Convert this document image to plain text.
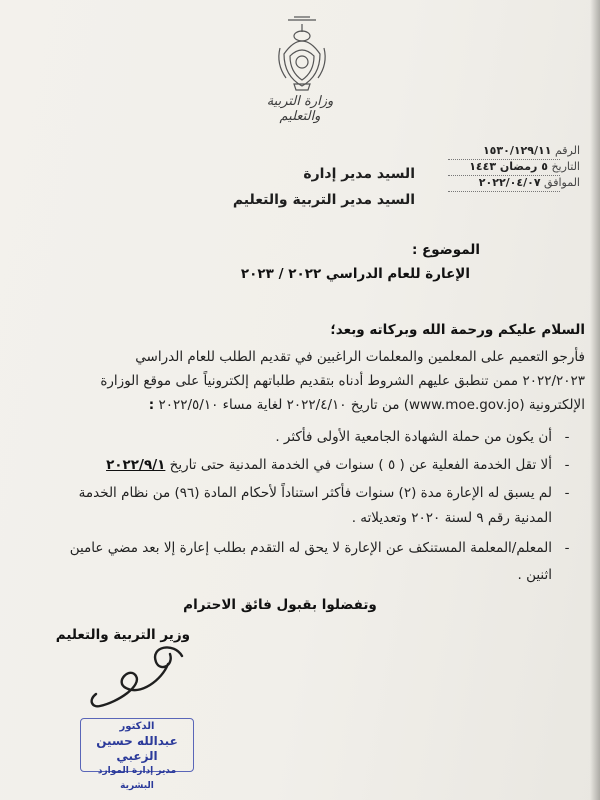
وزارة التربية والتعليم
الرقم ١٥٣٠/١٢٩/١١
التاريخ ٥ رمضان ١٤٤٣
الموافق ٢٠٢٢/٠٤/٠٧
السيد مدير إدارة
السيد مدير التربية والتعليم
الموضوع :
الإعارة للعام الدراسي ٢٠٢٢ / ٢٠٢٣
السلام عليكم ورحمة الله وبركاته وبعد؛
فأرجو التعميم على المعلمين والمعلمات الراغبين في تقديم الطلب للعام الدراسي
٢٠٢٢/٢٠٢٣ ممن تنطبق عليهم الشروط أدناه بتقديم طلباتهم إلكترونياً على موقع الوزارة
الإلكترونية (www.moe.gov.jo) من تاريخ ٢٠٢٢/٤/١٠ لغاية مساء ٢٠٢٢/٥/١٠ :
-أن يكون من حملة الشهادة الجامعية الأولى فأكثر .
-ألا تقل الخدمة الفعلية عن ( ٥ ) سنوات في الخدمة المدنية حتى تاريخ ٢٠٢٢/٩/١
-لم يسبق له الإعارة مدة (٢) سنوات فأكثر استناداً لأحكام المادة (٩٦) من نظام الخدمة
المدنية رقم ٩ لسنة ٢٠٢٠ وتعديلاته .
-المعلم/المعلمة المستنكف عن الإعارة لا يحق له التقدم بطلب إعارة إلا بعد مضي عامين
اثنين .
وتفضلوا بقبول فائق الاحترام
وزير التربية والتعليم
الدكتور
عبدالله حسين الزعبي
مدير إدارة الموارد البشرية
